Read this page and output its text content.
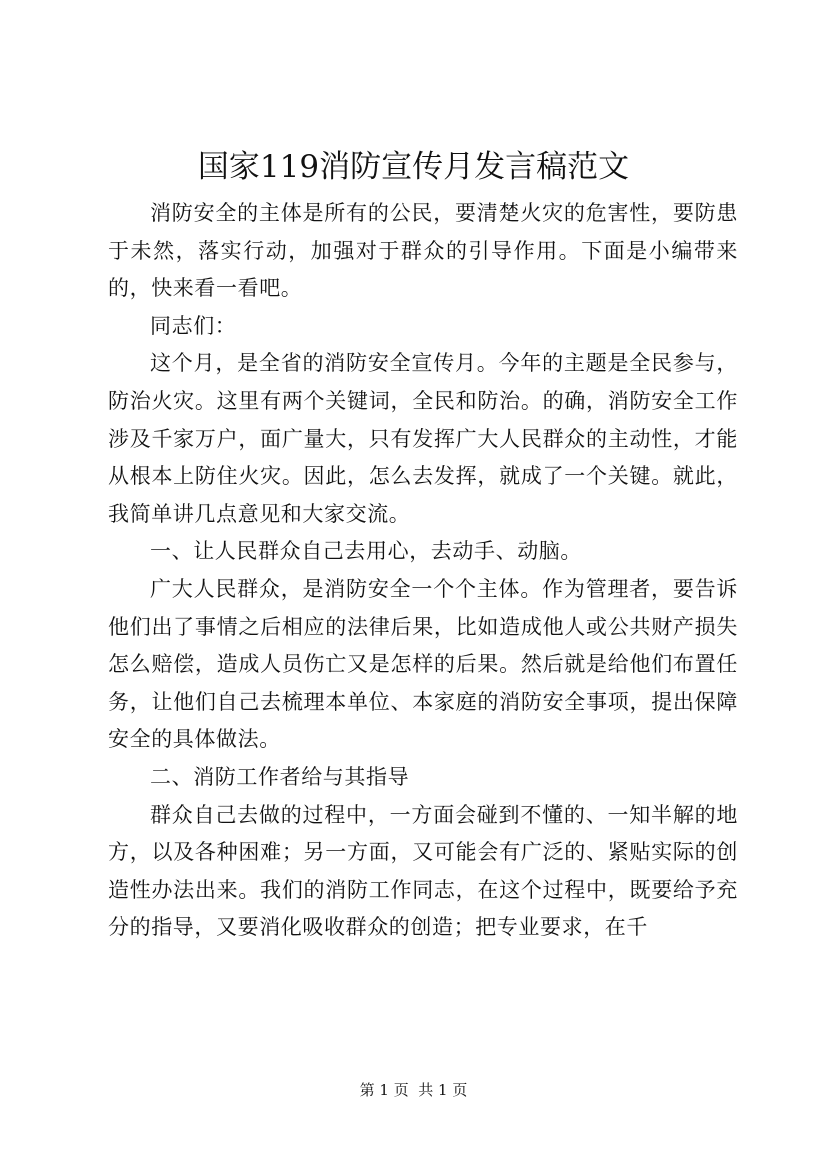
国家119消防宣传月发言稿范文

消防安全的主体是所有的公民，要清楚火灾的危害性，要防患于未然，落实行动，加强对于群众的引导作用。下面是小编带来的，快来看一看吧。

同志们：

这个月，是全省的消防安全宣传月。今年的主题是全民参与，防治火灾。这里有两个关键词，全民和防治。的确，消防安全工作涉及千家万户，面广量大，只有发挥广大人民群众的主动性，才能从根本上防住火灾。因此，怎么去发挥，就成了一个关键。就此，我简单讲几点意见和大家交流。

一、让人民群众自己去用心，去动手、动脑。

广大人民群众，是消防安全一个个主体。作为管理者，要告诉他们出了事情之后相应的法律后果，比如造成他人或公共财产损失怎么赔偿，造成人员伤亡又是怎样的后果。然后就是给他们布置任务，让他们自己去梳理本单位、本家庭的消防安全事项，提出保障安全的具体做法。

二、消防工作者给与其指导

群众自己去做的过程中，一方面会碰到不懂的、一知半解的地方，以及各种困难；另一方面，又可能会有广泛的、紧贴实际的创造性办法出来。我们的消防工作同志，在这个过程中，既要给予充分的指导，又要消化吸收群众的创造；把专业要求，在千

第 1 页  共 1 页
